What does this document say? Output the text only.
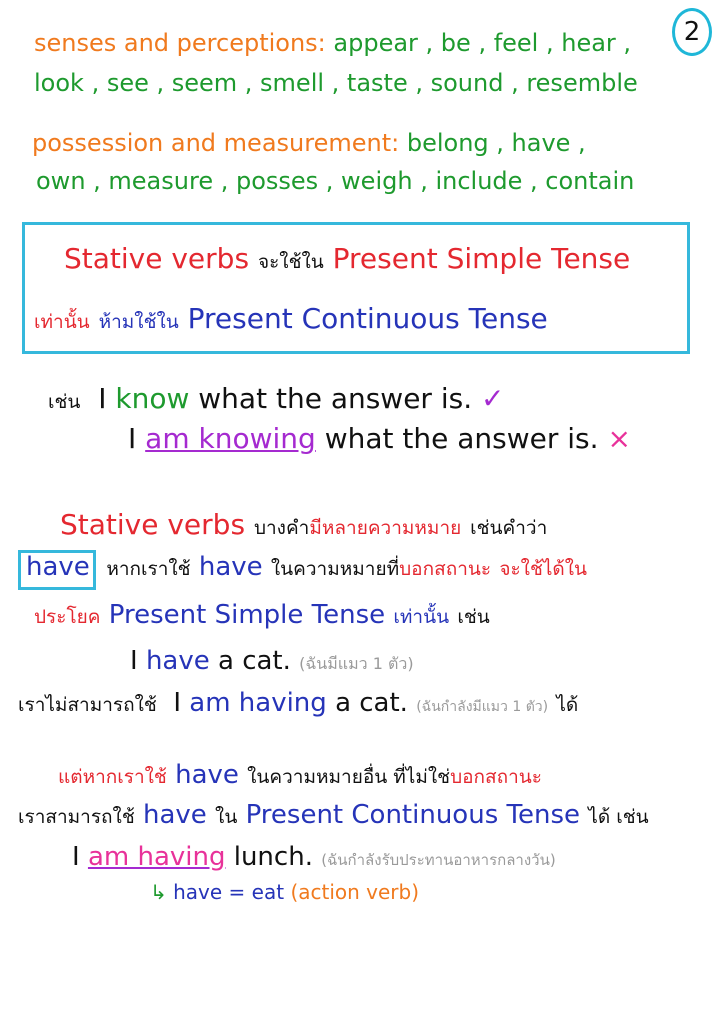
2
senses and perceptions: appear , be , feel , hear ,
look , see , seem , smell , taste , sound , resemble
possession and measurement: belong , have ,
own , measure , posses , weigh , include , contain
Stative verbs จะใช้ใน Present Simple Tense
เท่านั้น ห้ามใช้ใน Present Continuous Tense
เช่น I know what the answer is. ✓
I am knowing what the answer is. ×
Stative verbs บางคำมีหลายความหมาย เช่นคำว่า
have หากเราใช้ have ในความหมายที่บอกสถานะ จะใช้ได้ใน
ประโยค Present Simple Tense เท่านั้น เช่น
I have a cat. (ฉันมีแมว 1 ตัว)
เราไม่สามารถใช้ I am having a cat. (ฉันกำลังมีแมว 1 ตัว) ได้
แต่หากเราใช้ have ในความหมายอื่น ที่ไม่ใช่บอกสถานะ
เราสามารถใช้ have ใน Present Continuous Tense ได้ เช่น
I am having lunch. (ฉันกำลังรับประทานอาหารกลางวัน)
↳ have = eat (action verb)
